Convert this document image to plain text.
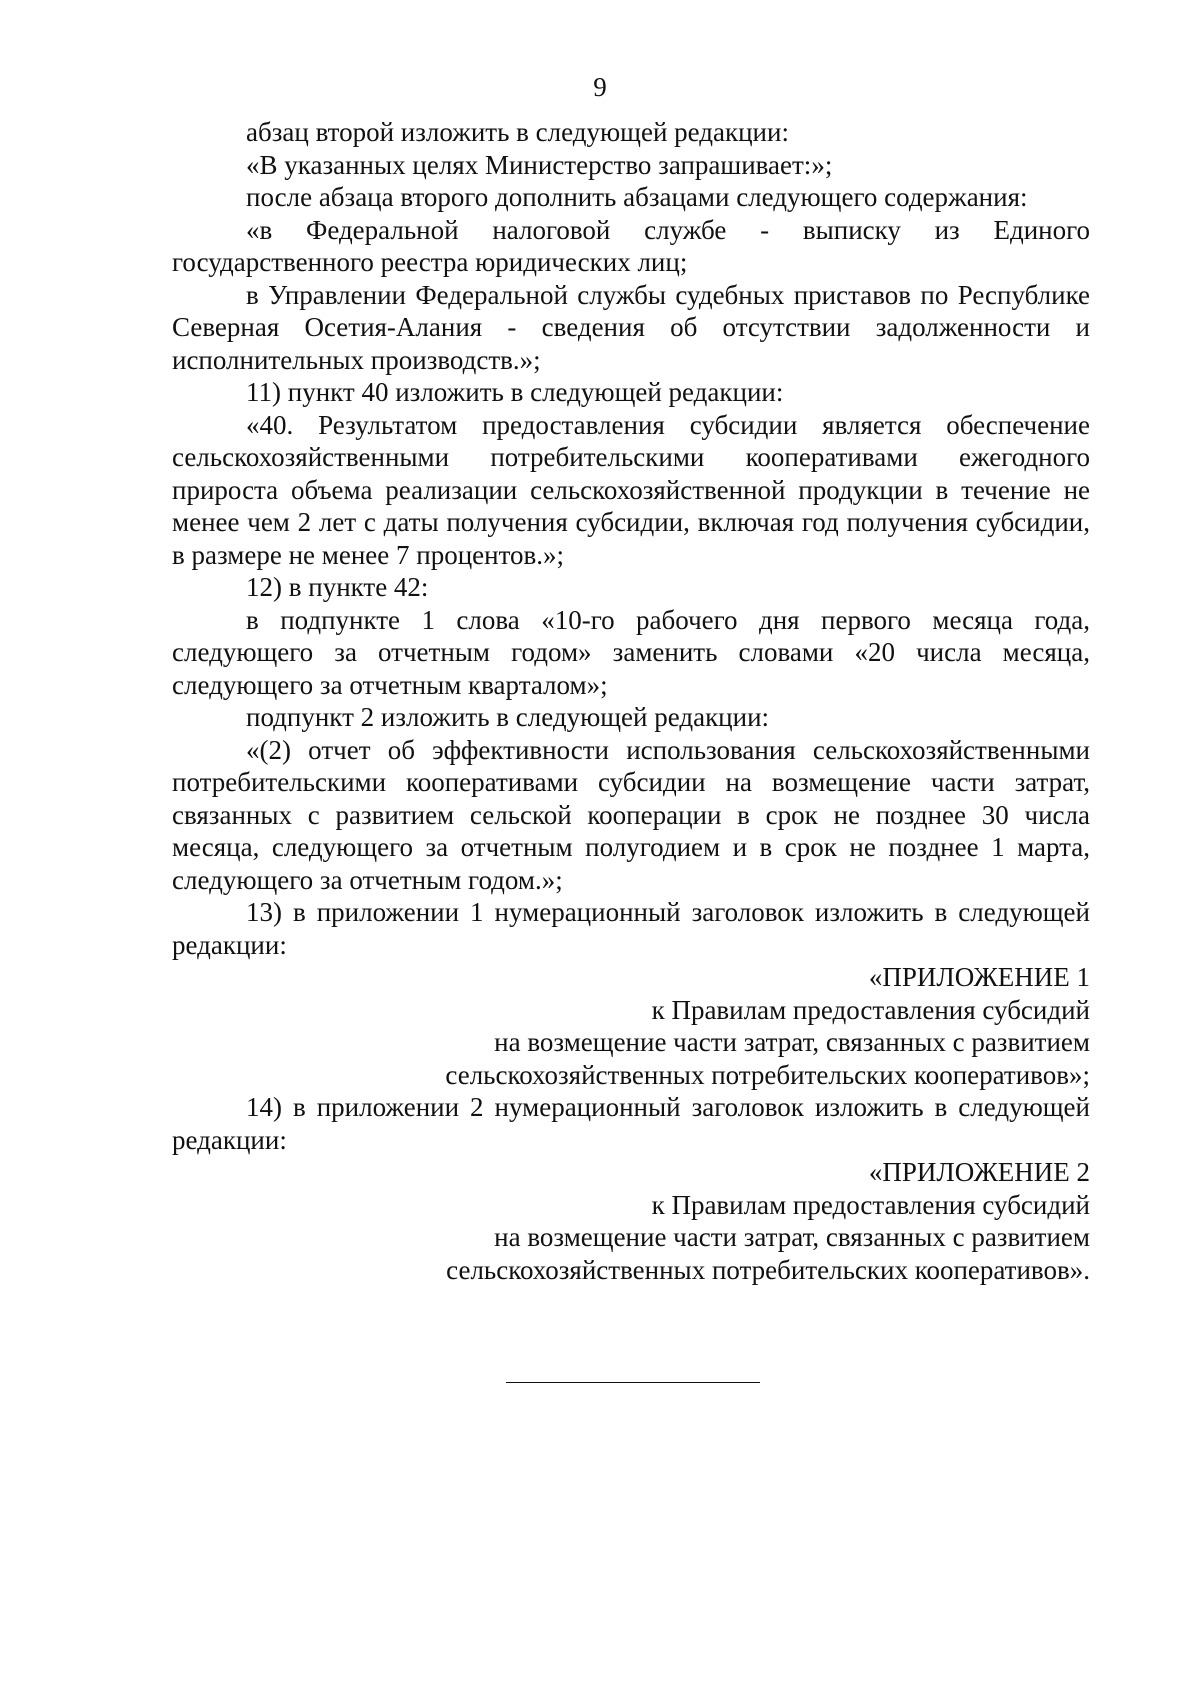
9

абзац второй изложить в следующей редакции:

«В указанных целях Министерство запрашивает:»;

после абзаца второго дополнить абзацами следующего содержания:

«в Федеральной налоговой службе - выписку из Единого государственного реестра юридических лиц;

в Управлении Федеральной службы судебных приставов по Республике Северная Осетия-Алания - сведения об отсутствии задолженности и исполнительных производств.»;

11) пункт 40 изложить в следующей редакции:

«40. Результатом предоставления субсидии является обеспечение сельскохозяйственными потребительскими кооперативами ежегодного прироста объема реализации сельскохозяйственной продукции в течение не менее чем 2 лет с даты получения субсидии, включая год получения субсидии, в размере не менее 7 процентов.»;

12) в пункте 42:

в подпункте 1 слова «10-го рабочего дня первого месяца года, следующего за отчетным годом» заменить словами «20 числа месяца, следующего за отчетным кварталом»;

подпункт 2 изложить в следующей редакции:

«(2) отчет об эффективности использования сельскохозяйственными потребительскими кооперативами субсидии на возмещение части затрат, связанных с развитием сельской кооперации в срок не позднее 30 числа месяца, следующего за отчетным полугодием и в срок не позднее 1 марта, следующего за отчетным годом.»;

13) в приложении 1 нумерационный заголовок изложить в следующей редакции:

«ПРИЛОЖЕНИЕ 1
к Правилам предоставления субсидий
на возмещение части затрат, связанных с развитием
сельскохозяйственных потребительских кооперативов»;

14) в приложении 2 нумерационный заголовок изложить в следующей редакции:

«ПРИЛОЖЕНИЕ 2
к Правилам предоставления субсидий
на возмещение части затрат, связанных с развитием
сельскохозяйственных потребительских кооперативов».
